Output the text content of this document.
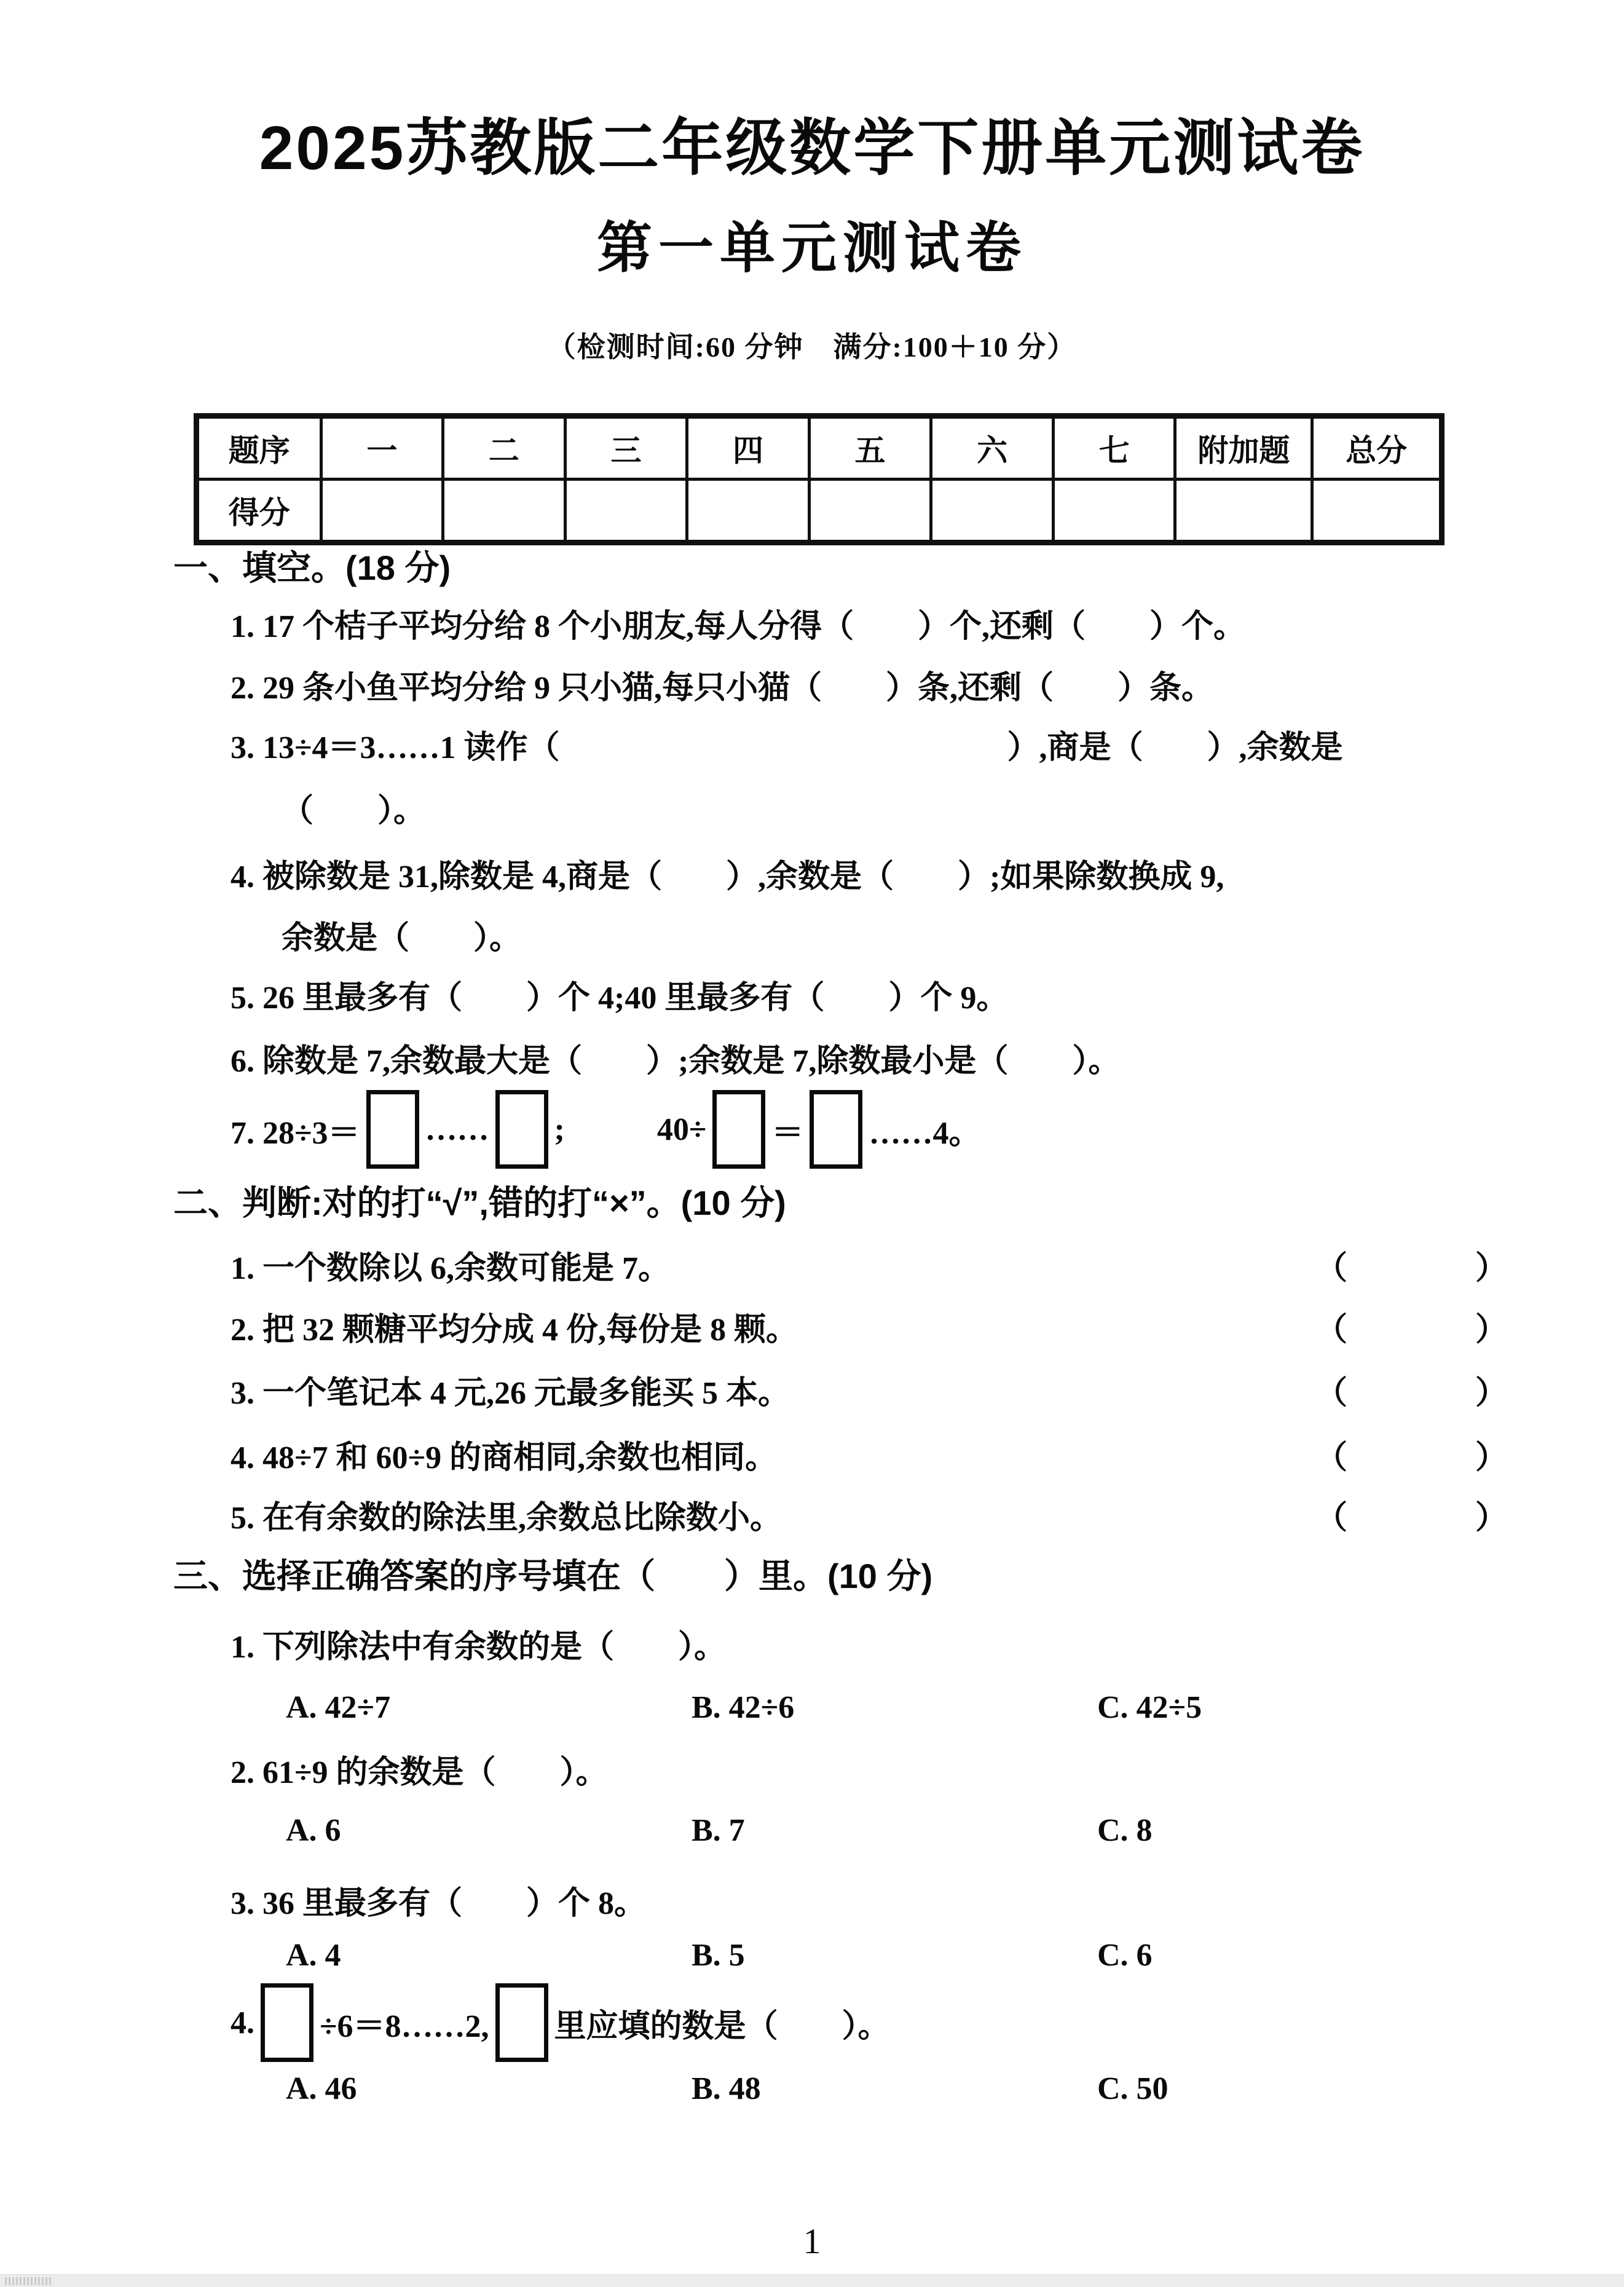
2025苏教版二年级数学下册单元测试卷
第一单元测试卷
（检测时间:60 分钟　满分:100＋10 分）
题序	一	二	三	四	五	六	七	附加题	总分
得分									
一、填空。(18 分)
1. 17 个桔子平均分给 8 个小朋友,每人分得（　　）个,还剩（　　）个。
2. 29 条小鱼平均分给 9 只小猫,每只小猫（　　）条,还剩（　　）条。
3. 13÷4＝3……1 读作（　　　　　　　　　　　　　　）,商是（　　）,余数是
（　　）。
4. 被除数是 31,除数是 4,商是（　　）,余数是（　　）;如果除数换成 9,
余数是（　　）。
5. 26 里最多有（　　）个 4;40 里最多有（　　）个 9。
6. 除数是 7,余数最大是（　　）;余数是 7,除数最小是（　　）。
7. 28÷3＝ …… ;	40÷ ＝ ……4。
二、判断:对的打“√”,错的打“×”。(10 分)
1. 一个数除以 6,余数可能是 7。	（　　　　）
2. 把 32 颗糖平均分成 4 份,每份是 8 颗。	（　　　　）
3. 一个笔记本 4 元,26 元最多能买 5 本。	（　　　　）
4. 48÷7 和 60÷9 的商相同,余数也相同。	（　　　　）
5. 在有余数的除法里,余数总比除数小。	（　　　　）
三、选择正确答案的序号填在（　　）里。(10 分)
1. 下列除法中有余数的是（　　）。
A. 42÷7	B. 42÷6	C. 42÷5
2. 61÷9 的余数是（　　）。
A. 6	B. 7	C. 8
3. 36 里最多有（　　）个 8。
A. 4	B. 5	C. 6
4. ÷6＝8……2, 里应填的数是（　　）。
A. 46	B. 48	C. 50
1
